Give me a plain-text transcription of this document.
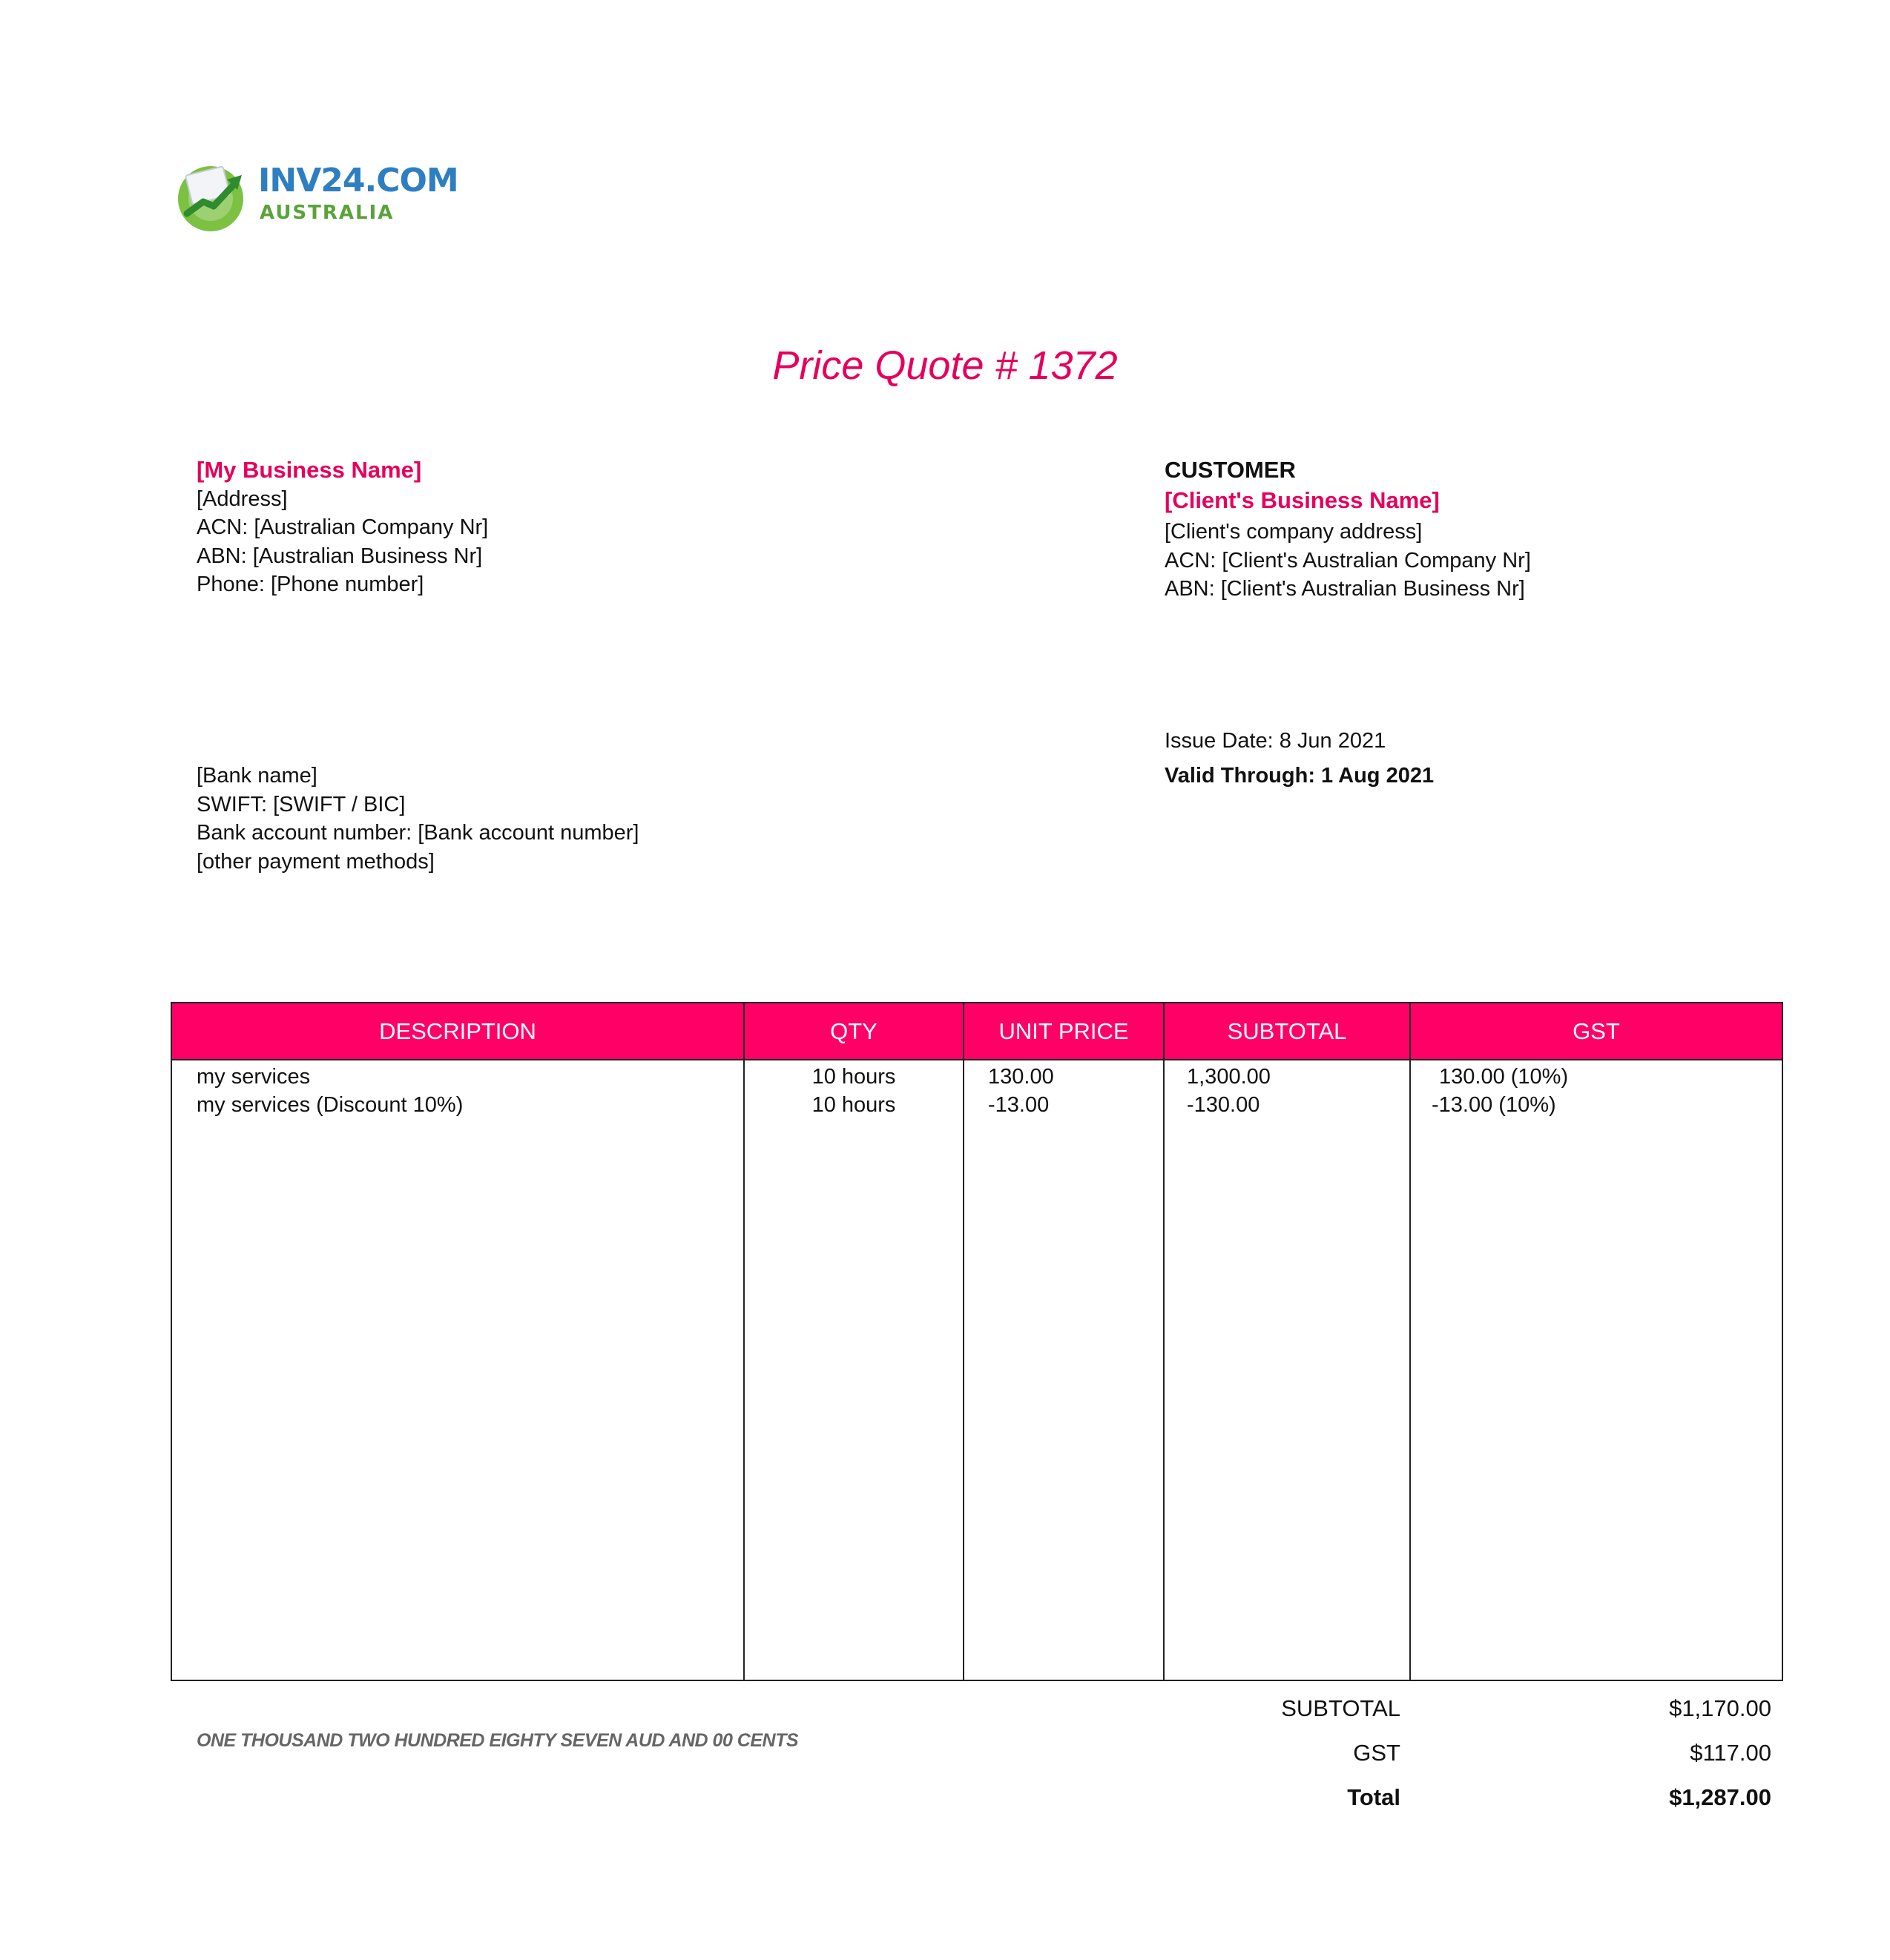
INV24.COM
AUSTRALIA
Price Quote # 1372
[My Business Name]
[Address]
ACN: [Australian Company Nr]
ABN: [Australian Business Nr]
Phone: [Phone number]
CUSTOMER
[Client's Business Name]
[Client's company address]
ACN: [Client's Australian Company Nr]
ABN: [Client's Australian Business Nr]
Issue Date: 8 Jun 2021
Valid Through: 1 Aug 2021
[Bank name]
SWIFT: [SWIFT / BIC]
Bank account number: [Bank account number]
[other payment methods]
DESCRIPTION	QTY	UNIT PRICE	SUBTOTAL	GST
my services	10 hours	130.00	1,300.00	130.00 (10%)
my services (Discount 10%)	10 hours	-13.00	-130.00	-13.00 (10%)
ONE THOUSAND TWO HUNDRED EIGHTY SEVEN AUD AND 00 CENTS
SUBTOTAL	$1,170.00
GST	$117.00
Total	$1,287.00
